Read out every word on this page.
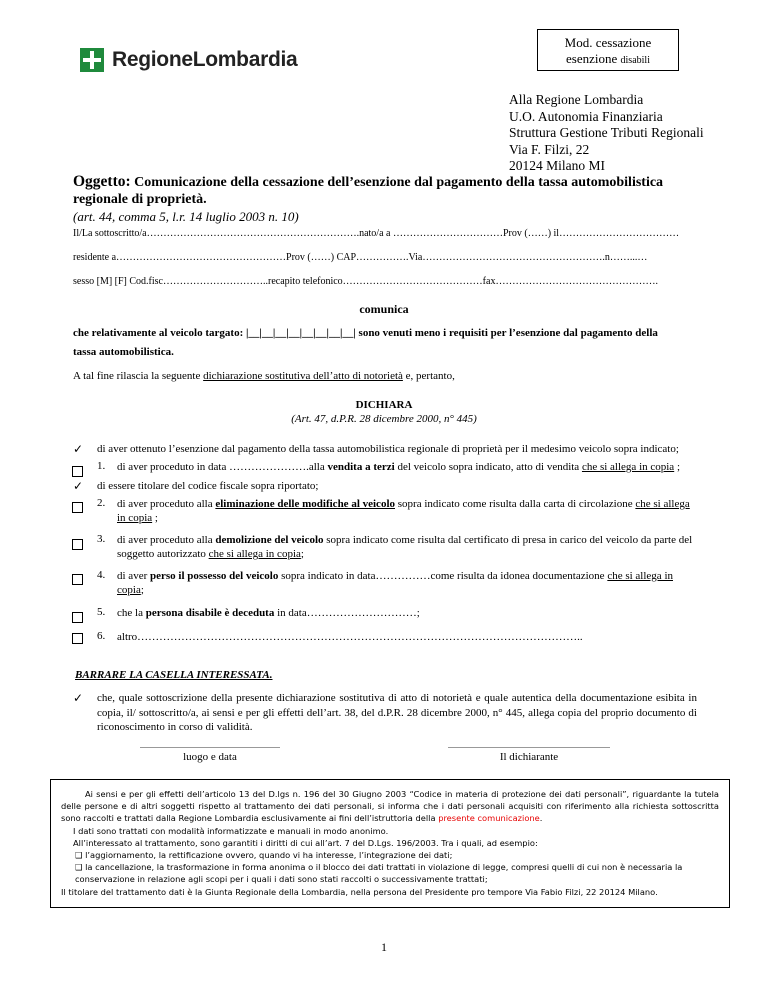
RegioneLombardia
Mod. cessazione
esenzione disabili
Alla Regione Lombardia
U.O. Autonomia Finanziaria
Struttura Gestione Tributi Regionali
Via F. Filzi, 22
20124 Milano MI
Oggetto: Comunicazione della cessazione dell’esenzione dal pagamento della tassa automobilistica regionale di proprietà.
(art. 44, comma 5, l.r. 14 luglio 2003 n. 10)
Il/La sottoscritto/a……………………………………………………….nato/a a ……………………………Prov (……) il………………………………
residente a……………………………………………Prov (……) CAP…………….Via……………………………………………….n……...…
sesso [M] [F] Cod.fisc…………………………..recapito telefonico……………………………………fax………………………………………….
comunica
che relativamente al veicolo targato: |__|__|__|__|__|__|__|__| sono venuti meno i requisiti per l’esenzione dal pagamento della
tassa automobilistica.
A tal fine rilascia la seguente dichiarazione sostitutiva dell’atto di notorietà e, pertanto,
DICHIARA
(Art. 47, d.P.R. 28 dicembre 2000, n° 445)
✓ di aver ottenuto l’esenzione dal pagamento della tassa automobilistica regionale di proprietà per il medesimo veicolo sopra indicato;
✓ di essere titolare del codice fiscale sopra riportato;
1. di aver proceduto in data ………………….alla vendita a terzi del veicolo sopra indicato, atto di vendita che si allega in copia ;
2. di aver proceduto alla eliminazione delle modifiche al veicolo sopra indicato come risulta dalla carta di circolazione che si allega in copia ;
3. di aver proceduto alla demolizione del veicolo sopra indicato come risulta dal certificato di presa in carico del veicolo da parte del soggetto autorizzato che si allega in copia;
4. di aver perso il possesso del veicolo sopra indicato in data……………come risulta da idonea documentazione che si allega in copia;
5. che la persona disabile è deceduta in data…………………………;
6. altro…………………………………………………………………………………………………………..
BARRARE LA CASELLA INTERESSATA.
✓ che, quale sottoscrizione della presente dichiarazione sostitutiva di atto di notorietà e quale autentica della documentazione esibita in copia, il/ sottoscritto/a, ai sensi e per gli effetti dell’art. 38, del d.P.R. 28 dicembre 2000, n° 445, allega copia del proprio documento di riconoscimento in corso di validità.
luogo e data	Il dichiarante
Ai sensi e per gli effetti dell’articolo 13 del D.lgs n. 196 del 30 Giugno 2003 “Codice in materia di protezione dei dati personali”, riguardante la tutela delle persone e di altri soggetti rispetto al trattamento dei dati personali, si informa che i dati personali acquisiti con riferimento alla richiesta sottoscritta sono raccolti e trattati dalla Regione Lombardia esclusivamente ai fini dell’istruttoria della presente comunicazione.
I dati sono trattati con modalità informatizzate e manuali in modo anonimo.
All’interessato al trattamento, sono garantiti i diritti di cui all’art. 7 del D.Lgs. 196/2003. Tra i quali, ad esempio:
❑ l’aggiornamento, la rettificazione ovvero, quando vi ha interesse, l’integrazione dei dati;
❑ la cancellazione, la trasformazione in forma anonima o il blocco dei dati trattati in violazione di legge, compresi quelli di cui non è necessaria la conservazione in relazione agli scopi per i quali i dati sono stati raccolti o successivamente trattati;
Il titolare del trattamento dati è la Giunta Regionale della Lombardia, nella persona del Presidente pro tempore Via Fabio Filzi, 22 20124 Milano.
1
